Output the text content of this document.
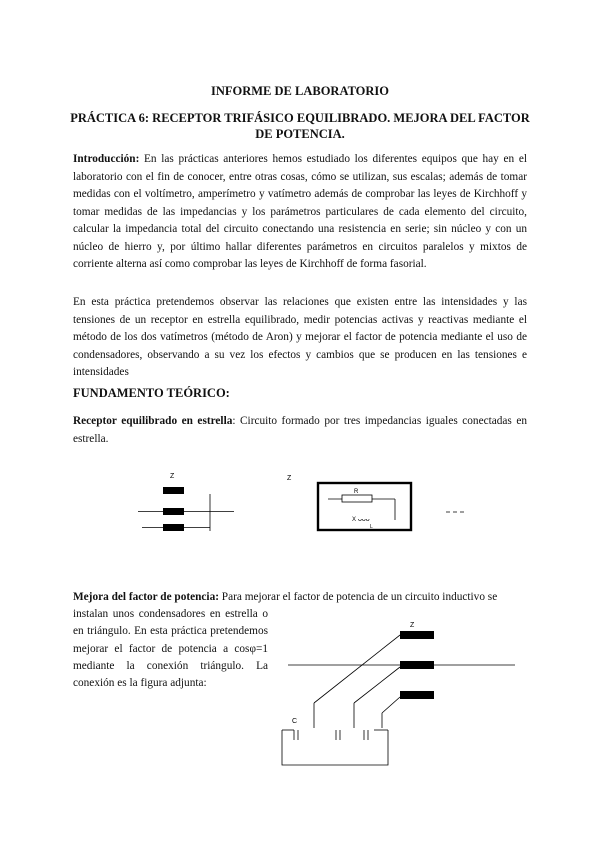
INFORME DE LABORATORIO
PRÁCTICA 6: RECEPTOR TRIFÁSICO EQUILIBRADO. MEJORA DEL FACTOR
DE POTENCIA.
Introducción: En las prácticas anteriores hemos estudiado los diferentes equipos que hay en el laboratorio con el fin de conocer, entre otras cosas, cómo se utilizan, sus escalas; además de tomar medidas con el voltímetro, amperímetro y vatímetro además de comprobar las leyes de Kirchhoff y tomar medidas de las impedancias y los parámetros particulares de cada elemento del circuito, calcular la impedancia total del circuito conectando una resistencia en serie; sin núcleo y con un núcleo de hierro y, por último hallar diferentes parámetros en circuitos paralelos y mixtos de corriente alterna así como comprobar las leyes de Kirchhoff de forma fasorial.
En esta práctica pretendemos observar las relaciones que existen entre las intensidades y las tensiones de un receptor en estrella equilibrado, medir potencias activas y reactivas mediante el método de los dos vatímetros (método de Aron) y mejorar el factor de potencia mediante el uso de condensadores, observando a su vez los efectos y cambios que se producen en las tensiones e intensidades
FUNDAMENTO TEÓRICO:
Receptor equilibrado en estrella: Circuito formado por tres impedancias iguales conectadas en estrella.
Z	Z
R
X ᴗᴗᴗ
L
Mejora del factor de potencia: Para mejorar el factor de potencia de un circuito inductivo se
instalan unos condensadores en estrella o en triángulo. En esta práctica pretendemos mejorar el factor de potencia a cosφ=1 mediante la conexión triángulo. La conexión es la figura adjunta:
Z
C
